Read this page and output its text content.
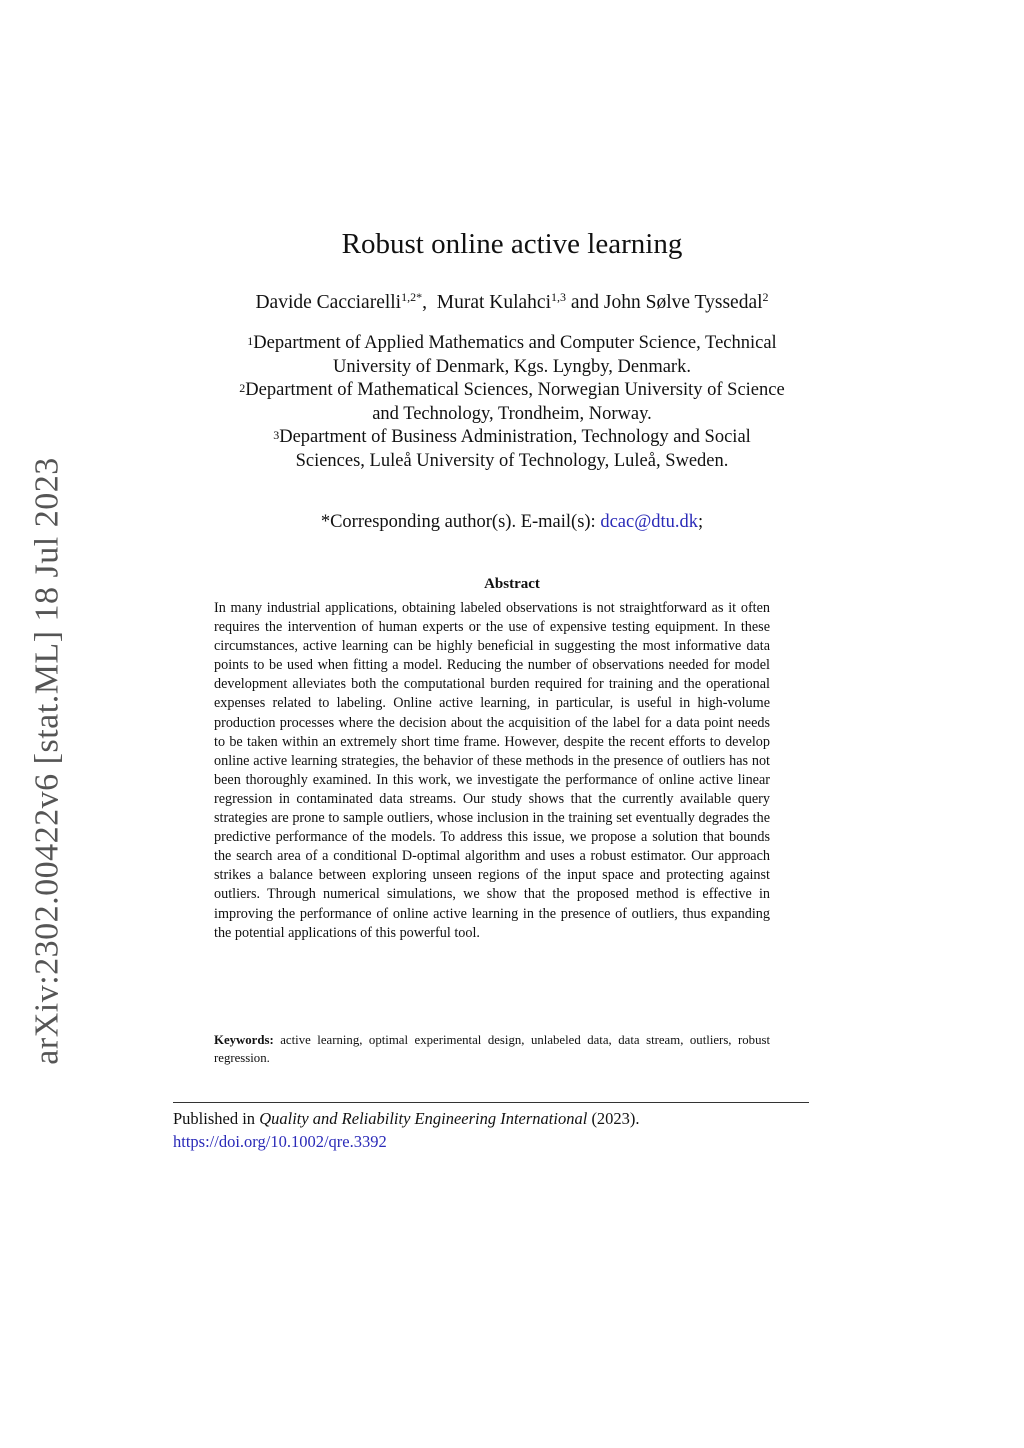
arXiv:2302.00422v6 [stat.ML] 18 Jul 2023
Robust online active learning
Davide Cacciarelli$^{1,2*}$,  Murat Kulahci$^{1,3}$ and John Sølve Tyssedal$^2$
$^1$Department of Applied Mathematics and Computer Science, Technical
University of Denmark, Kgs. Lyngby, Denmark.
$^2$Department of Mathematical Sciences, Norwegian University of Science
and Technology, Trondheim, Norway.
$^3$Department of Business Administration, Technology and Social
Sciences, Luleå University of Technology, Luleå, Sweden.
*Corresponding author(s). E-mail(s): dcac@dtu.dk;
Abstract
In many industrial applications, obtaining labeled observations is not straightforward as it often requires the intervention of human experts or the use of expensive testing equipment. In these circumstances, active learning can be highly beneficial in suggesting the most informative data points to be used when fitting a model. Reducing the number of observations needed for model development alleviates both the computational burden required for training and the operational expenses related to labeling. Online active learning, in particular, is useful in high-volume production processes where the decision about the acquisition of the label for a data point needs to be taken within an extremely short time frame. However, despite the recent efforts to develop online active learning strategies, the behavior of these methods in the presence of outliers has not been thoroughly examined. In this work, we investigate the performance of online active linear regression in contaminated data streams. Our study shows that the currently available query strategies are prone to sample outliers, whose inclusion in the training set eventually degrades the predictive performance of the models. To address this issue, we propose a solution that bounds the search area of a conditional D-optimal algorithm and uses a robust estimator. Our approach strikes a balance between exploring unseen regions of the input space and protecting against outliers. Through numerical simulations, we show that the proposed method is effective in improving the performance of online active learning in the presence of outliers, thus expanding the potential applications of this powerful tool.
Keywords: active learning, optimal experimental design, unlabeled data, data stream, outliers, robust regression.
Published in Quality and Reliability Engineering International (2023).
https://doi.org/10.1002/qre.3392
